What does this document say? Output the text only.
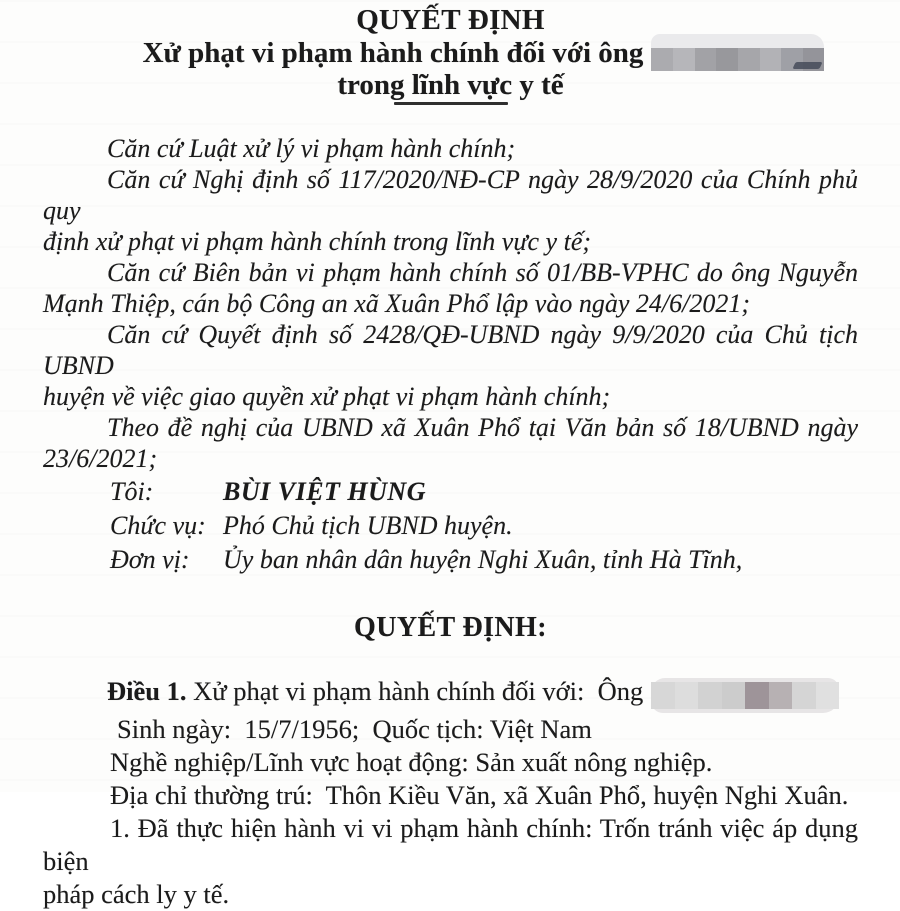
QUYẾT ĐỊNH
Xử phạt vi phạm hành chính đối với ông
trong lĩnh vực y tế
Căn cứ Luật xử lý vi phạm hành chính;
Căn cứ Nghị định số 117/2020/NĐ-CP ngày 28/9/2020 của Chính phủ quy
định xử phạt vi phạm hành chính trong lĩnh vực y tế;
Căn cứ Biên bản vi phạm hành chính số 01/BB-VPHC do ông Nguyễn
Mạnh Thiệp, cán bộ Công an xã Xuân Phổ lập vào ngày 24/6/2021;
Căn cứ Quyết định số 2428/QĐ-UBND ngày 9/9/2020 của Chủ tịch UBND
huyện về việc giao quyền xử phạt vi phạm hành chính;
Theo đề nghị của UBND xã Xuân Phổ tại Văn bản số 18/UBND ngày
23/6/2021;
Tôi:	BÙI VIỆT HÙNG
Chức vụ: Phó Chủ tịch UBND huyện.
Đơn vị:	Ủy ban nhân dân huyện Nghi Xuân, tỉnh Hà Tĩnh,
QUYẾT ĐỊNH:
Điều 1. Xử phạt vi phạm hành chính đối với:  Ông
Sinh ngày:  15/7/1956;  Quốc tịch: Việt Nam
Nghề nghiệp/Lĩnh vực hoạt động: Sản xuất nông nghiệp.
Địa chỉ thường trú:  Thôn Kiều Văn, xã Xuân Phổ, huyện Nghi Xuân.
1. Đã thực hiện hành vi vi phạm hành chính: Trốn tránh việc áp dụng biện
pháp cách ly y tế.
